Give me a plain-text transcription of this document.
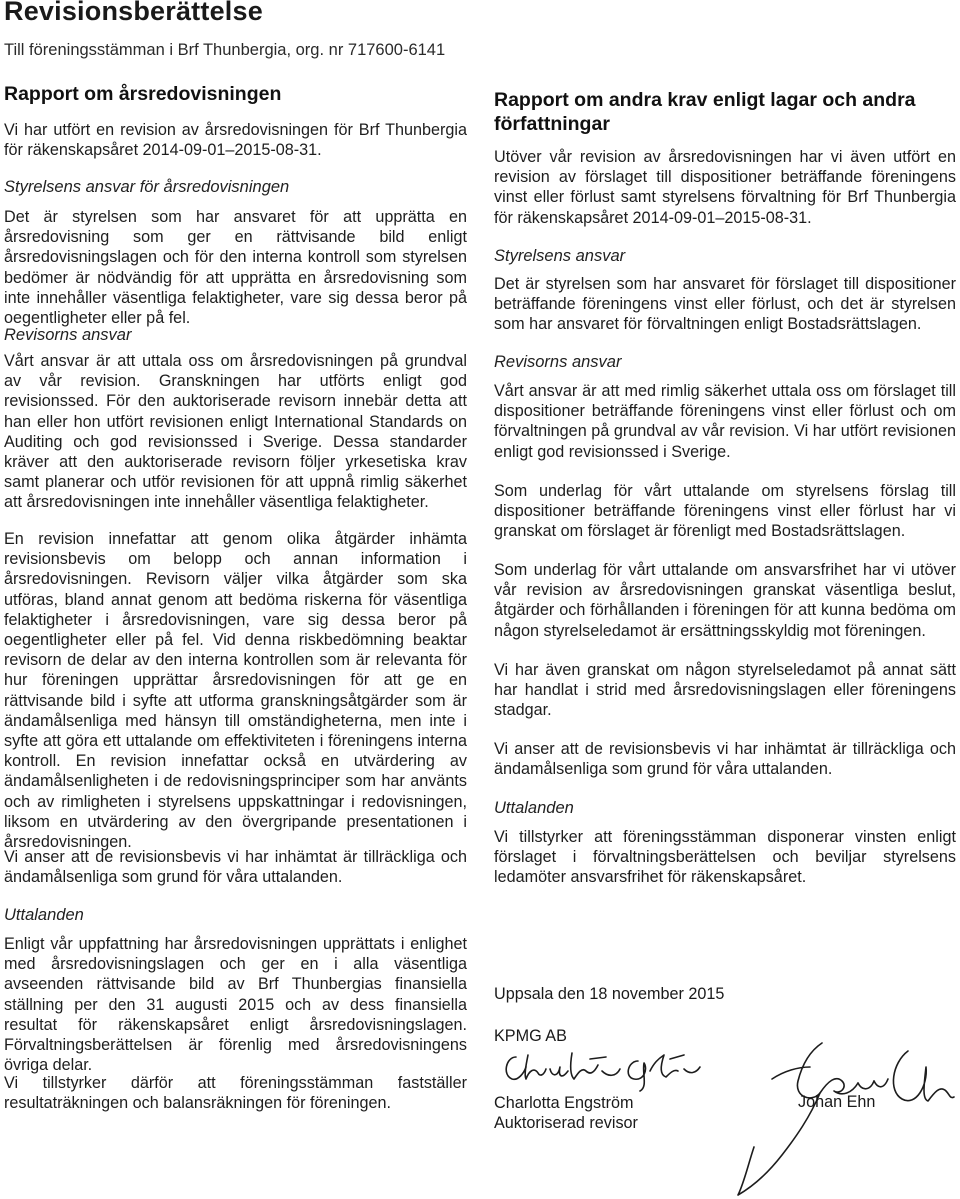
Revisionsberättelse
Till föreningsstämman i Brf Thunbergia, org. nr 717600-6141
Rapport om årsredovisningen

Vi har utfört en revision av årsredovisningen för Brf Thunbergia för räkenskapsåret 2014-09-01–2015-08-31.

Styrelsens ansvar för årsredovisningen

Det är styrelsen som har ansvaret för att upprätta en årsredovisning som ger en rättvisande bild enligt årsredovisningslagen och för den interna kontroll som styrelsen bedömer är nödvändig för att upprätta en årsredovisning som inte innehåller väsentliga felaktigheter, vare sig dessa beror på oegentligheter eller på fel.

Revisorns ansvar

Vårt ansvar är att uttala oss om årsredovisningen på grundval av vår revision. Granskningen har utförts enligt god revisionssed. För den auktoriserade revisorn innebär detta att han eller hon utfört revisionen enligt International Standards on Auditing och god revisionssed i Sverige. Dessa standarder kräver att den auktoriserade revisorn följer yrkesetiska krav samt planerar och utför revisionen för att uppnå rimlig säkerhet att årsredovisningen inte innehåller väsentliga felaktigheter.

En revision innefattar att genom olika åtgärder inhämta revisionsbevis om belopp och annan information i årsredovisningen. Revisorn väljer vilka åtgärder som ska utföras, bland annat genom att bedöma riskerna för väsentliga felaktigheter i årsredovisningen, vare sig dessa beror på oegentligheter eller på fel. Vid denna riskbedömning beaktar revisorn de delar av den interna kontrollen som är relevanta för hur föreningen upprättar årsredovisningen för att ge en rättvisande bild i syfte att utforma granskningsåtgärder som är ändamålsenliga med hänsyn till omständigheterna, men inte i syfte att göra ett uttalande om effektiviteten i föreningens interna kontroll. En revision innefattar också en utvärdering av ändamålsenligheten i de redovisningsprinciper som har använts och av rimligheten i styrelsens uppskattningar i redovisningen, liksom en utvärdering av den övergripande presentationen i årsredovisningen.

Vi anser att de revisionsbevis vi har inhämtat är tillräckliga och ändamålsenliga som grund för våra uttalanden.

Uttalanden

Enligt vår uppfattning har årsredovisningen upprättats i enlighet med årsredovisningslagen och ger en i alla väsentliga avseenden rättvisande bild av Brf Thunbergias finansiella ställning per den 31 augusti 2015 och av dess finansiella resultat för räkenskapsåret enligt årsredovisningslagen. Förvaltningsberättelsen är förenlig med årsredovisningens övriga delar.

Vi tillstyrker därför att föreningsstämman fastställer resultaträkningen och balansräkningen för föreningen.

Rapport om andra krav enligt lagar och andra författningar

Utöver vår revision av årsredovisningen har vi även utfört en revision av förslaget till dispositioner beträffande föreningens vinst eller förlust samt styrelsens förvaltning för Brf Thunbergia för räkenskapsåret 2014-09-01–2015-08-31.

Styrelsens ansvar

Det är styrelsen som har ansvaret för förslaget till dispositioner beträffande föreningens vinst eller förlust, och det är styrelsen som har ansvaret för förvaltningen enligt Bostadsrättslagen.

Revisorns ansvar

Vårt ansvar är att med rimlig säkerhet uttala oss om förslaget till dispositioner beträffande föreningens vinst eller förlust och om förvaltningen på grundval av vår revision. Vi har utfört revisionen enligt god revisionssed i Sverige.

Som underlag för vårt uttalande om styrelsens förslag till dispositioner beträffande föreningens vinst eller förlust har vi granskat om förslaget är förenligt med Bostadsrättslagen.

Som underlag för vårt uttalande om ansvarsfrihet har vi utöver vår revision av årsredovisningen granskat väsentliga beslut, åtgärder och förhållanden i föreningen för att kunna bedöma om någon styrelseledamot är ersättningsskyldig mot föreningen.

Vi har även granskat om någon styrelseledamot på annat sätt har handlat i strid med årsredovisningslagen eller föreningens stadgar.

Vi anser att de revisionsbevis vi har inhämtat är tillräckliga och ändamålsenliga som grund för våra uttalanden.

Uttalanden

Vi tillstyrker att föreningsstämman disponerar vinsten enligt förslaget i förvaltningsberättelsen och beviljar styrelsens ledamöter ansvarsfrihet för räkenskapsåret.

Uppsala den 18 november 2015
KPMG AB
Charlotta Engström
Auktoriserad revisor
Johan Ehn
